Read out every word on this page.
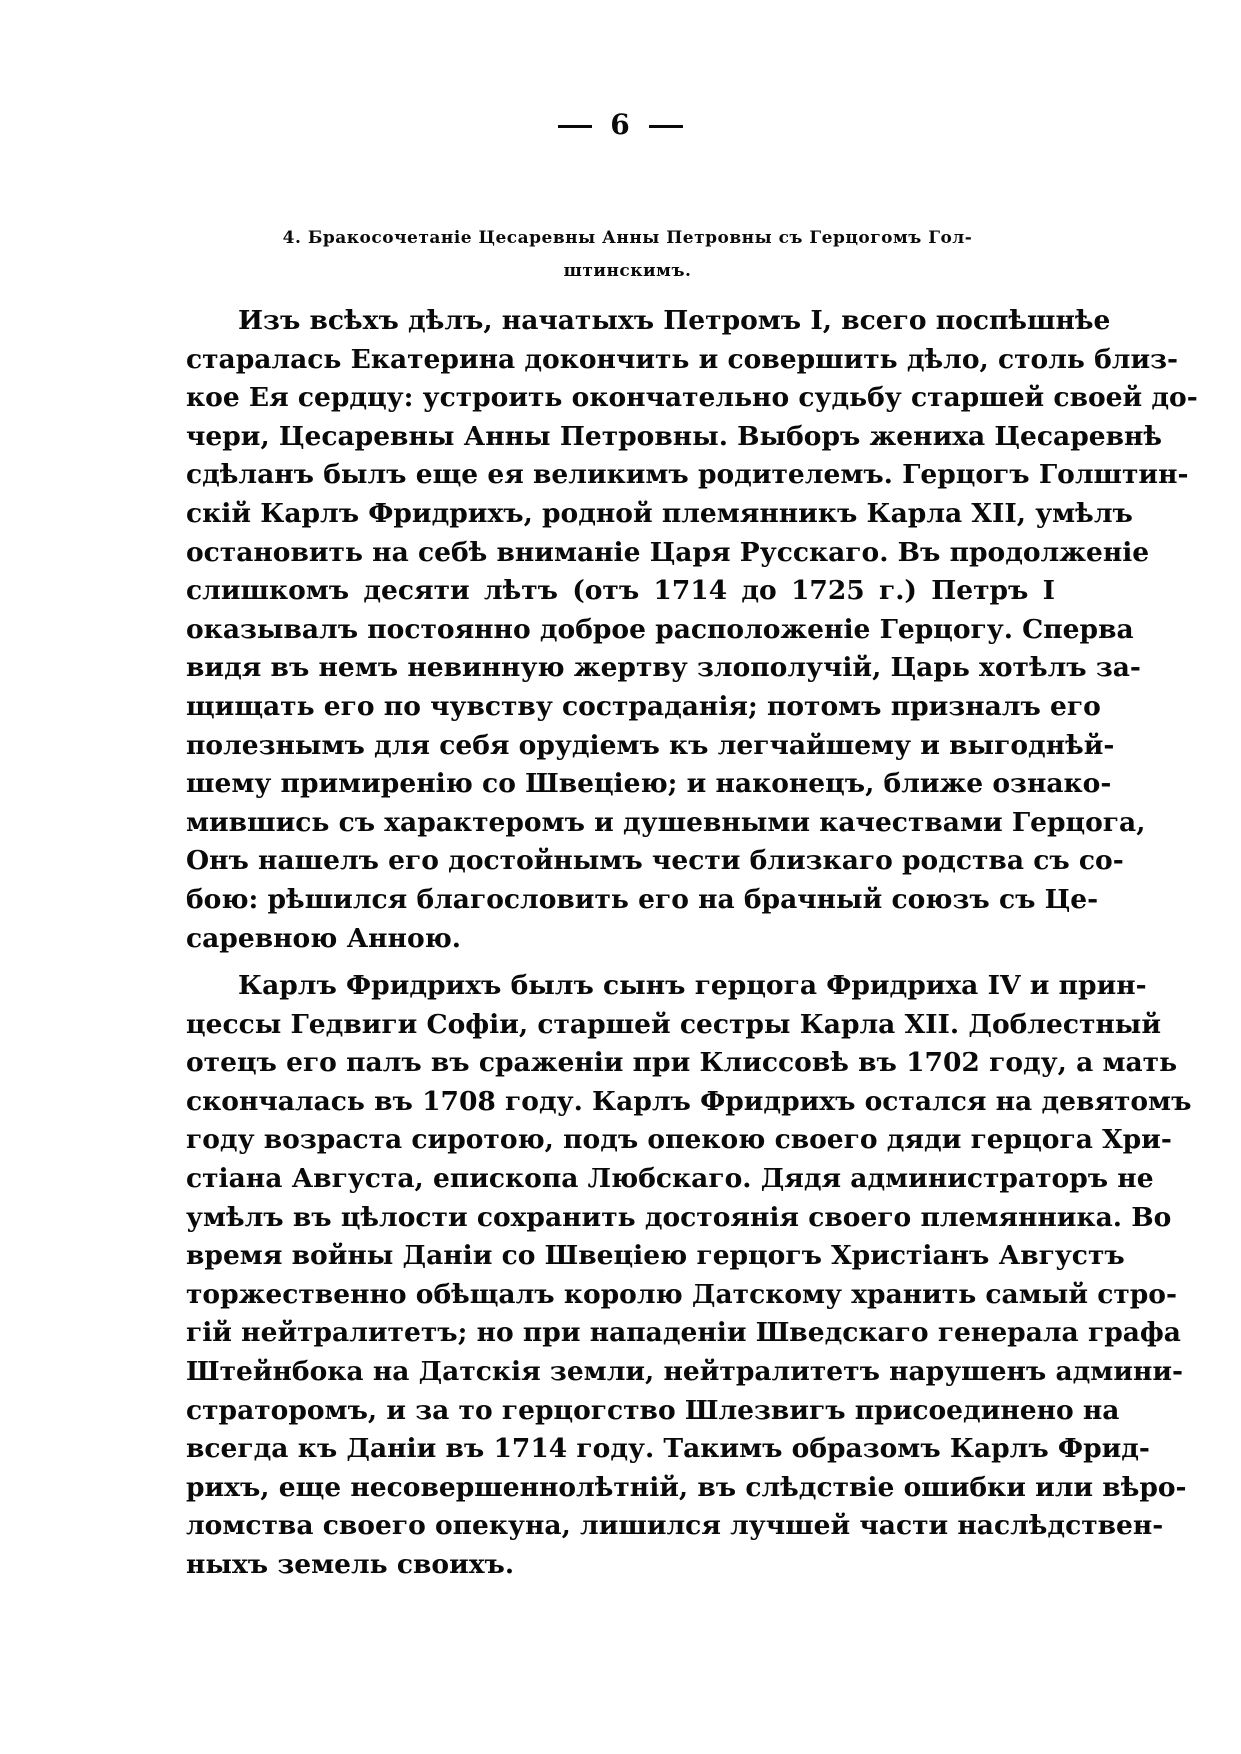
6
4. Бракосочетаніе Цесаревны Анны Петровны съ Герцогомъ Гол-
штинскимъ.

Изъ всѣхъ дѣлъ, начатыхъ Петромъ I, всего поспѣшнѣе
старалась Екатерина докончить и совершить дѣло, столь близ-
кое Ея сердцу: устроить окончательно судьбу старшей своей до-
чери, Цесаревны Анны Петровны. Выборъ жениха Цесаревнѣ
сдѣланъ былъ еще ея великимъ родителемъ. Герцогъ Голштин-
скій Карлъ Фридрихъ, родной племянникъ Карла XII, умѣлъ
остановить на себѣ вниманіе Царя Русскаго. Въ продолженіе
слишкомъ десяти лѣтъ (отъ 1714 до 1725 г.) Петръ I
оказывалъ постоянно доброе расположеніе Герцогу. Сперва
видя въ немъ невинную жертву злополучій, Царь хотѣлъ за-
щищать его по чувству состраданія; потомъ призналъ его
полезнымъ для себя орудіемъ къ легчайшему и выгоднѣй-
шему примиренію со Швеціею; и наконецъ, ближе ознако-
мившись съ характеромъ и душевными качествами Герцога,
Онъ нашелъ его достойнымъ чести близкаго родства съ со-
бою: рѣшился благословить его на брачный союзъ съ Це-
саревною Анною.

Карлъ Фридрихъ былъ сынъ герцога Фридриха IV и прин-
цессы Гедвиги Софіи, старшей сестры Карла XII. Доблестный
отецъ его палъ въ сраженіи при Клиссовѣ въ 1702 году, а мать
скончалась въ 1708 году. Карлъ Фридрихъ остался на девятомъ
году возраста сиротою, подъ опекою своего дяди герцога Хри-
стіана Августа, епископа Любскаго. Дядя администраторъ не
умѣлъ въ цѣлости сохранить достоянія своего племянника. Во
время войны Даніи со Швеціею герцогъ Христіанъ Августъ
торжественно обѣщалъ королю Датскому хранить самый стро-
гій нейтралитетъ; но при нападеніи Шведскаго генерала графа
Штейнбока на Датскія земли, нейтралитетъ нарушенъ админи-
страторомъ, и за то герцогство Шлезвигъ присоединено на
всегда къ Даніи въ 1714 году. Такимъ образомъ Карлъ Фрид-
рихъ, еще несовершеннолѣтній, въ слѣдствіе ошибки или вѣро-
ломства своего опекуна, лишился лучшей части наслѣдствен-
ныхъ земель своихъ.
